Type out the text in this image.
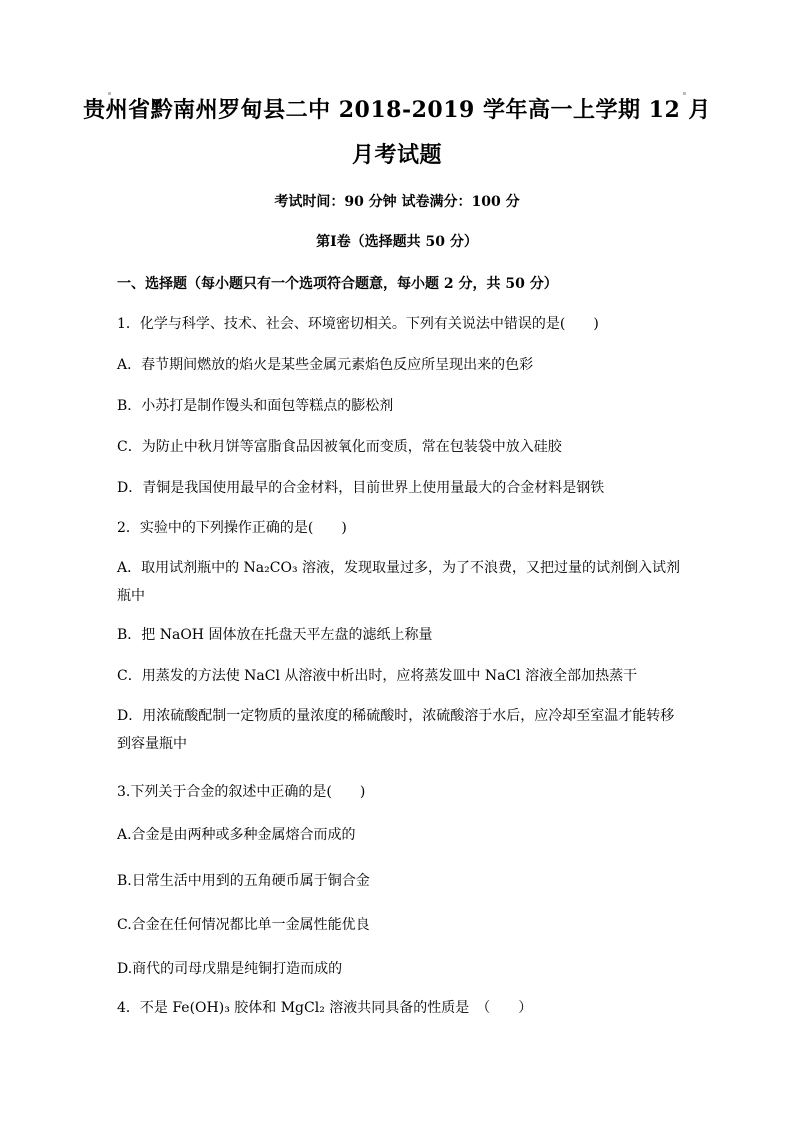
贵州省黔南州罗甸县二中 2018-2019 学年高一上学期 12 月
月考试题
考试时间：90 分钟 试卷满分：100 分
第Ⅰ卷（选择题共 50 分）
一、选择题（每小题只有一个选项符合题意，每小题 2 分，共 50 分）
1．化学与科学、技术、社会、环境密切相关。下列有关说法中错误的是(　　)
A．春节期间燃放的焰火是某些金属元素焰色反应所呈现出来的色彩
B．小苏打是制作馒头和面包等糕点的膨松剂
C．为防止中秋月饼等富脂食品因被氧化而变质，常在包装袋中放入硅胶
D．青铜是我国使用最早的合金材料，目前世界上使用量最大的合金材料是钢铁
2．实验中的下列操作正确的是(　　)
A．取用试剂瓶中的 Na₂CO₃ 溶液，发现取量过多，为了不浪费，又把过量的试剂倒入试剂瓶中
B．把 NaOH 固体放在托盘天平左盘的滤纸上称量
C．用蒸发的方法使 NaCl 从溶液中析出时，应将蒸发皿中 NaCl 溶液全部加热蒸干
D．用浓硫酸配制一定物质的量浓度的稀硫酸时，浓硫酸溶于水后，应冷却至室温才能转移到容量瓶中
3.下列关于合金的叙述中正确的是(　　)
A.合金是由两种或多种金属熔合而成的
B.日常生活中用到的五角硬币属于铜合金
C.合金在任何情况都比单一金属性能优良
D.商代的司母戊鼎是纯铜打造而成的
4．不是 Fe(OH)₃ 胶体和 MgCl₂ 溶液共同具备的性质是　（　　）
